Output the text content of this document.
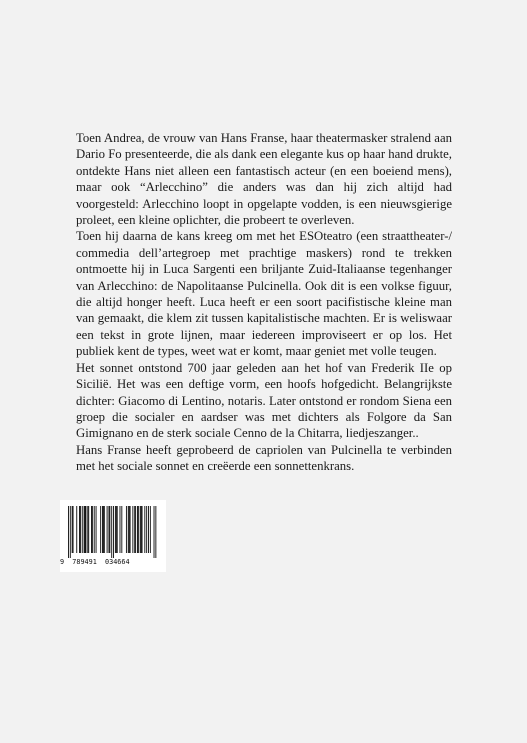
Toen Andrea, de vrouw van Hans Franse, haar theatermasker stralend aan Dario Fo presenteerde, die als dank een elegante kus op haar hand drukte, ontdekte Hans niet alleen een fantastisch acteur (en een boeiend mens), maar ook “Arlecchino” die anders was dan hij zich altijd had voorgesteld: Arlecchino loopt in opgelapte vodden, is een nieuwsgierige proleet, een kleine oplichter, die probeert te overleven.

Toen hij daarna de kans kreeg om met het ESOteatro (een straattheater-/ commedia dell’artegroep met prachtige maskers) rond te trekken ontmoette hij in Luca Sargenti een briljante Zuid-Italiaanse tegenhanger van Arlecchino: de Napolitaanse Pulcinella. Ook dit is een volkse figuur, die altijd honger heeft. Luca heeft er een soort pacifistische kleine man van gemaakt, die klem zit tussen kapitalistische machten. Er is weliswaar een tekst in grote lijnen, maar iedereen improviseert er op los. Het publiek kent de types, weet wat er komt, maar geniet met volle teugen.

Het sonnet ontstond 700 jaar geleden aan het hof van Frederik IIe op Sicilië. Het was een deftige vorm, een hoofs hofgedicht. Belangrijkste dichter: Giacomo di Lentino, notaris. Later ontstond er rondom Siena een groep die socialer en aardser was met dichters als Folgore da San Gimignano en de sterk sociale Cenno de la Chitarra, liedjeszanger..

Hans Franse heeft geprobeerd de capriolen van Pulcinella te verbinden met het sociale sonnet en creëerde een sonnettenkrans.

9  789491  034664
